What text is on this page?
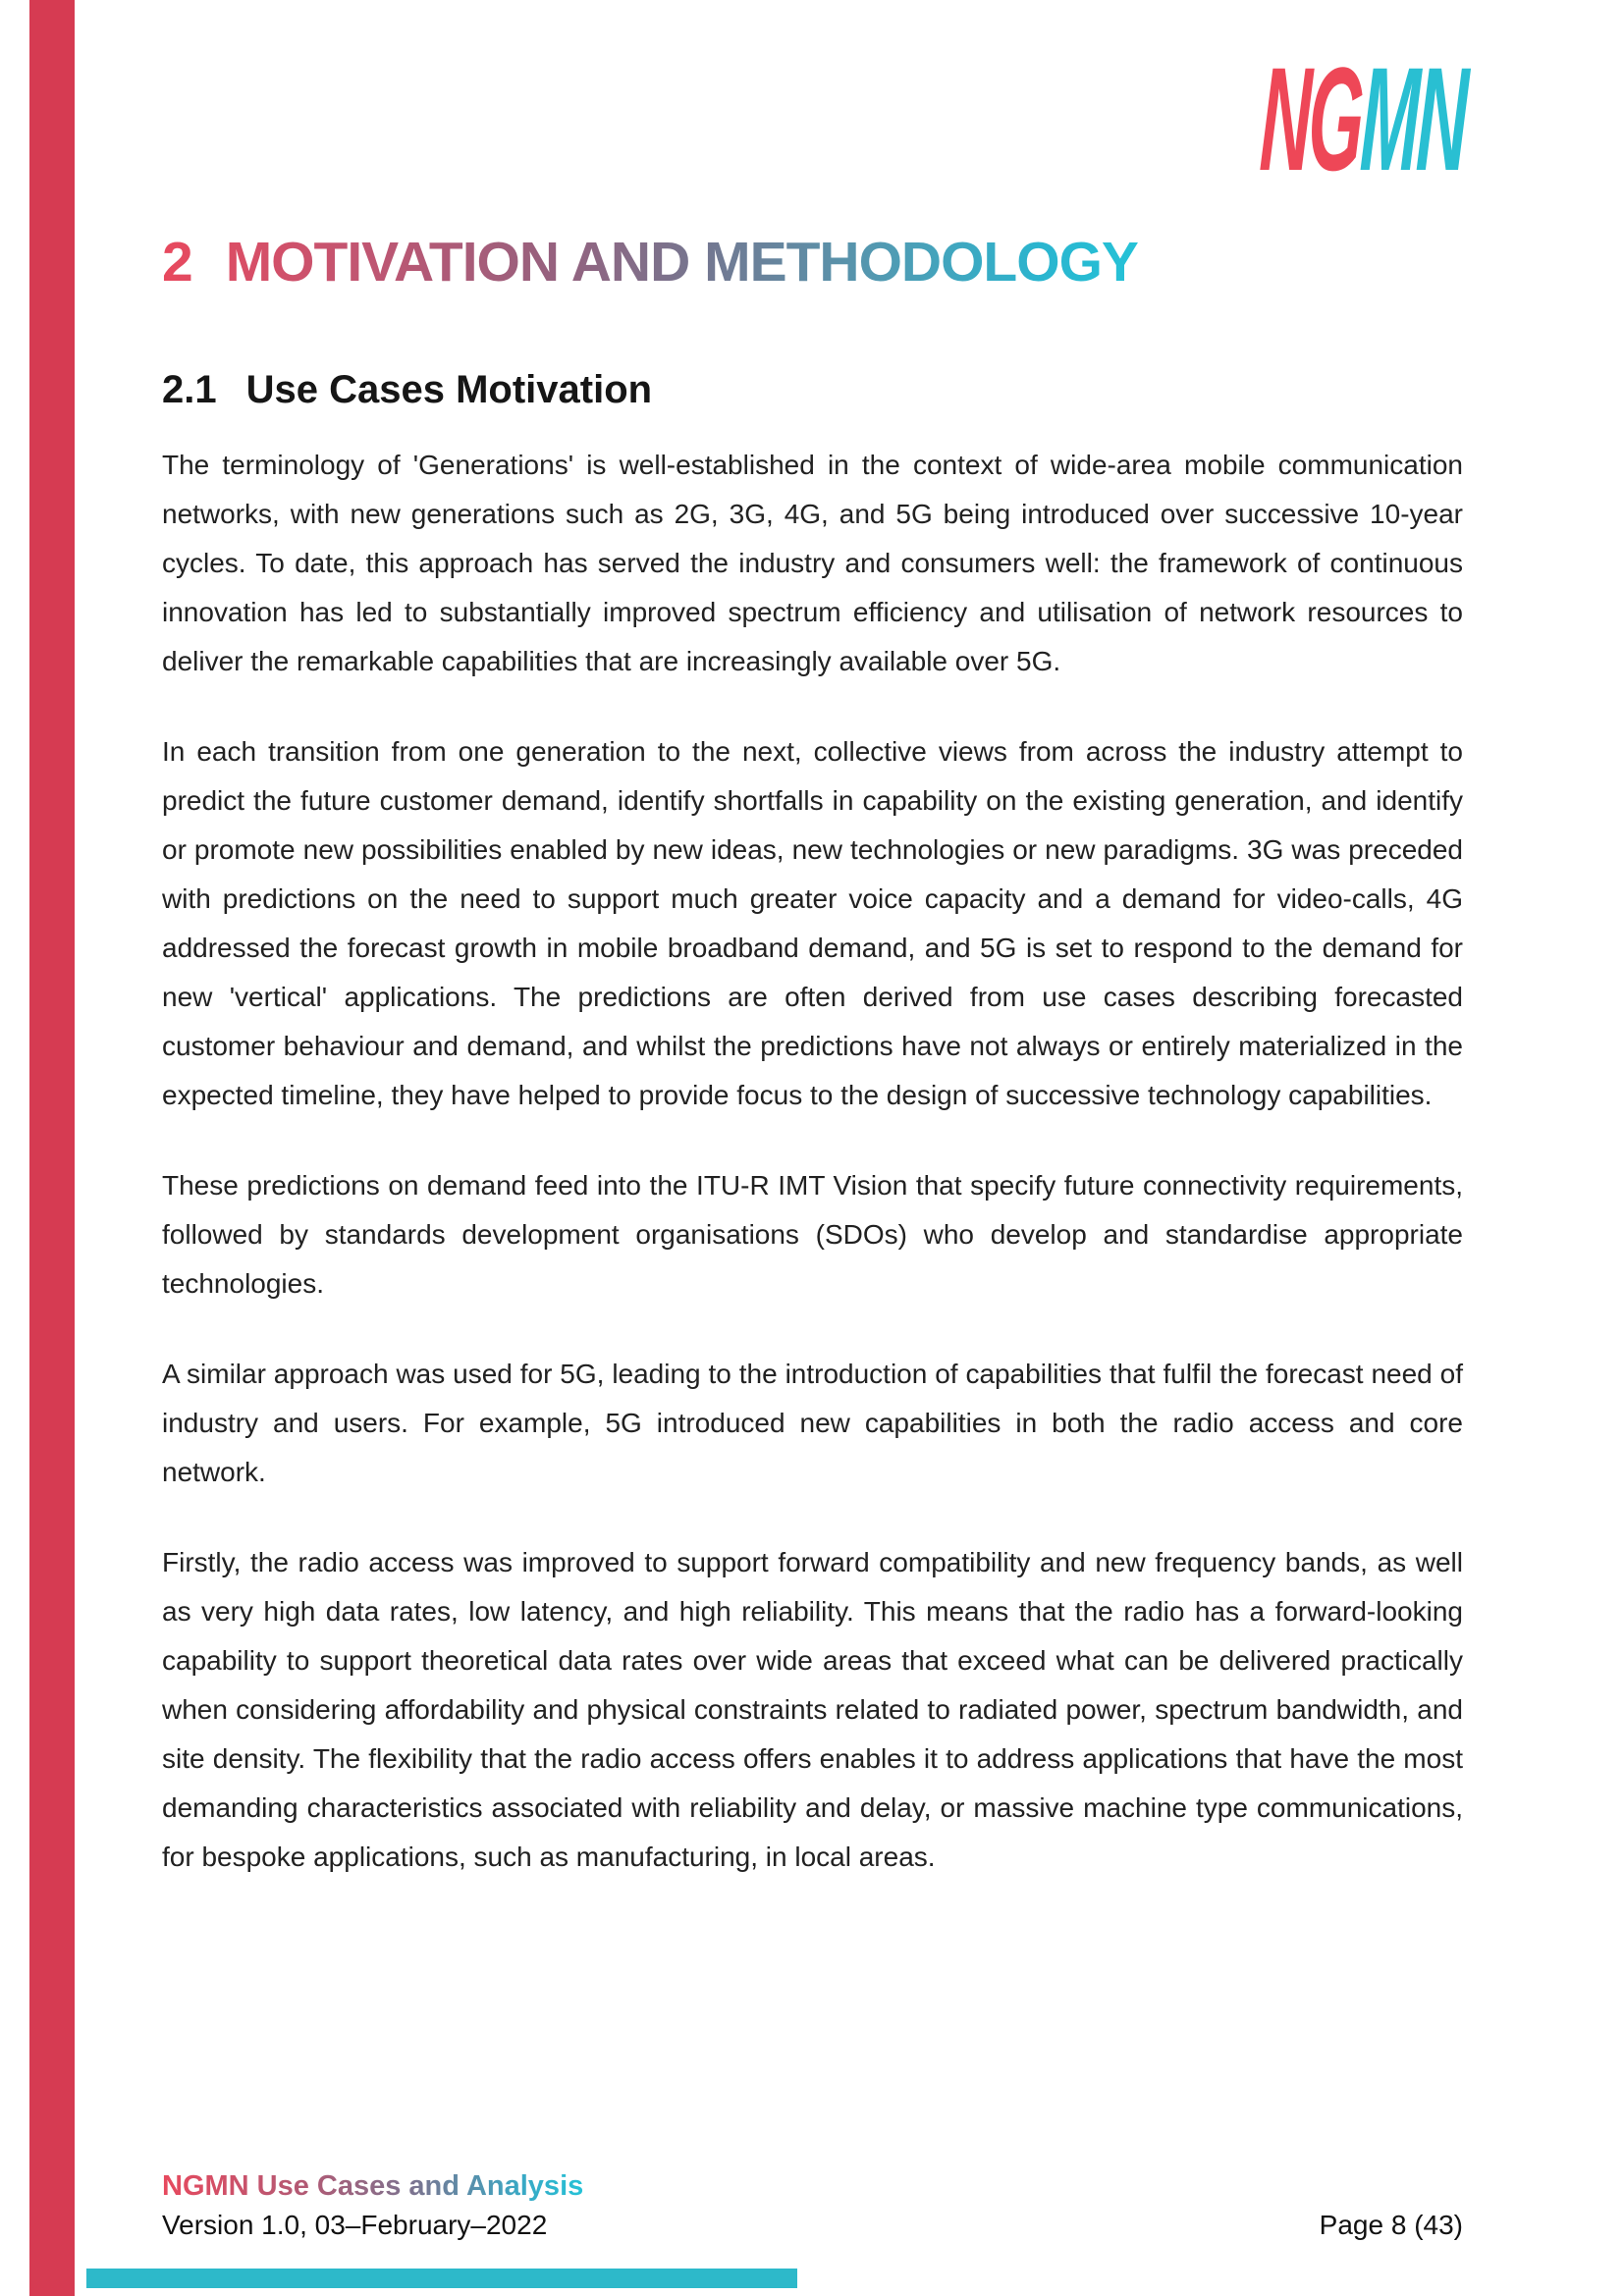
NGMN
2 MOTIVATION AND METHODOLOGY
2.1 Use Cases Motivation

The terminology of 'Generations' is well-established in the context of wide-area mobile communication networks, with new generations such as 2G, 3G, 4G, and 5G being introduced over successive 10-year cycles. To date, this approach has served the industry and consumers well: the framework of continuous innovation has led to substantially improved spectrum efficiency and utilisation of network resources to deliver the remarkable capabilities that are increasingly available over 5G.

In each transition from one generation to the next, collective views from across the industry attempt to predict the future customer demand, identify shortfalls in capability on the existing generation, and identify or promote new possibilities enabled by new ideas, new technologies or new paradigms. 3G was preceded with predictions on the need to support much greater voice capacity and a demand for video-calls, 4G addressed the forecast growth in mobile broadband demand, and 5G is set to respond to the demand for new 'vertical' applications. The predictions are often derived from use cases describing forecasted customer behaviour and demand, and whilst the predictions have not always or entirely materialized in the expected timeline, they have helped to provide focus to the design of successive technology capabilities.

These predictions on demand feed into the ITU-R IMT Vision that specify future connectivity requirements, followed by standards development organisations (SDOs) who develop and standardise appropriate technologies.

A similar approach was used for 5G, leading to the introduction of capabilities that fulfil the forecast need of industry and users. For example, 5G introduced new capabilities in both the radio access and core network.

Firstly, the radio access was improved to support forward compatibility and new frequency bands, as well as very high data rates, low latency, and high reliability. This means that the radio has a forward-looking capability to support theoretical data rates over wide areas that exceed what can be delivered practically when considering affordability and physical constraints related to radiated power, spectrum bandwidth, and site density. The flexibility that the radio access offers enables it to address applications that have the most demanding characteristics associated with reliability and delay, or massive machine type communications, for bespoke applications, such as manufacturing, in local areas.

NGMN Use Cases and Analysis
Version 1.0, 03–February–2022	Page 8 (43)
